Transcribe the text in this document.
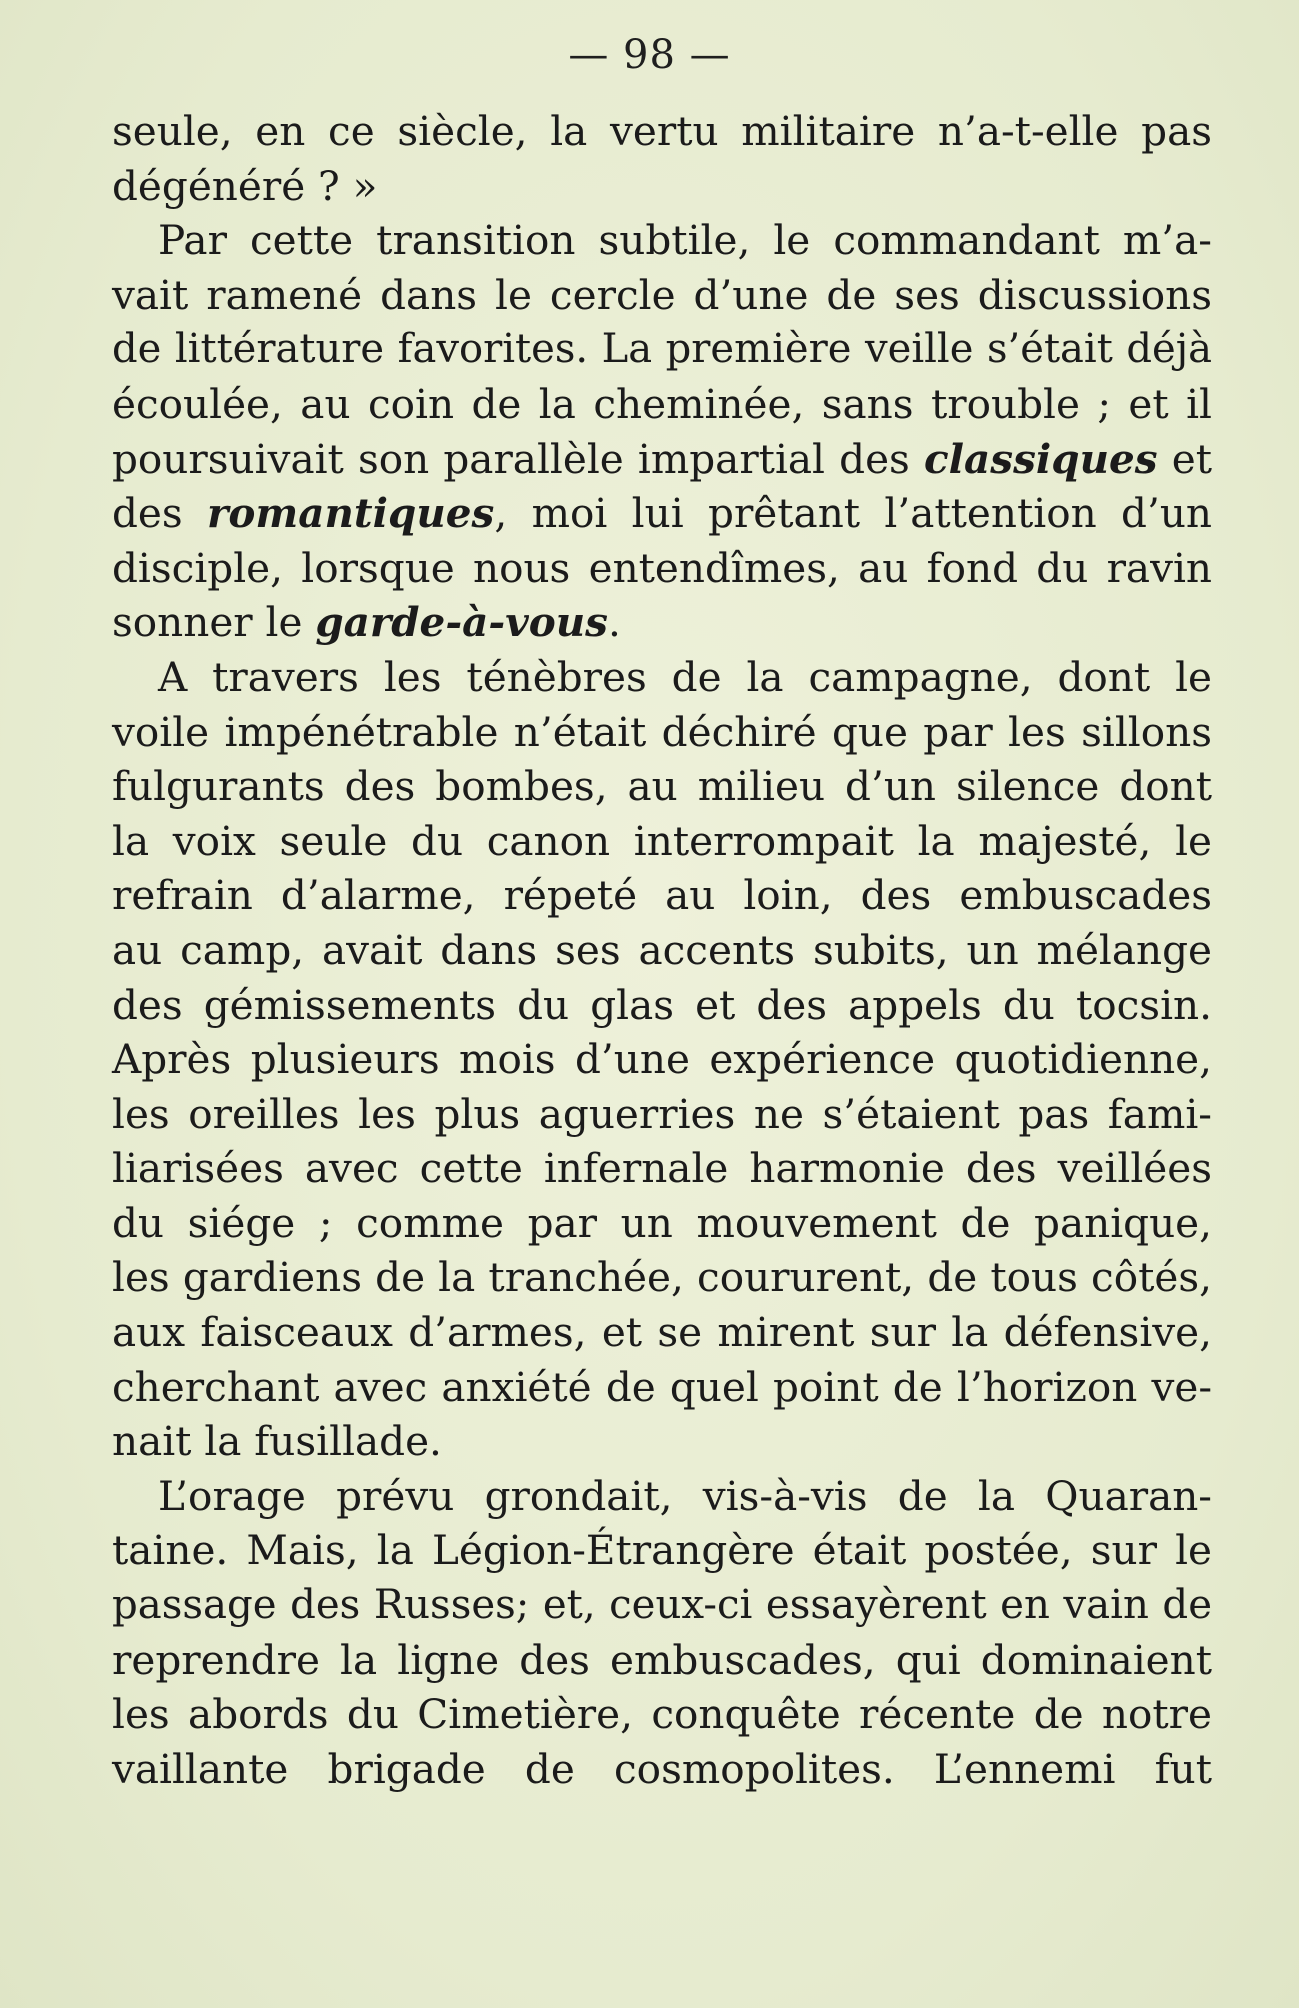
— 98 —
seule, en ce siècle, la vertu militaire n’a-t-elle pas
dégénéré ? »
Par cette transition subtile, le commandant m’a-
vait ramené dans le cercle d’une de ses discussions
de littérature favorites. La première veille s’était déjà
écoulée, au coin de la cheminée, sans trouble ; et il
poursuivait son parallèle impartial des classiques et
des romantiques, moi lui prêtant l’attention d’un
disciple, lorsque nous entendîmes, au fond du ravin
sonner le garde-à-vous.
A travers les ténèbres de la campagne, dont le
voile impénétrable n’était déchiré que par les sillons
fulgurants des bombes, au milieu d’un silence dont
la voix seule du canon interrompait la majesté, le
refrain d’alarme, répeté au loin, des embuscades
au camp, avait dans ses accents subits, un mélange
des gémissements du glas et des appels du tocsin.
Après plusieurs mois d’une expérience quotidienne,
les oreilles les plus aguerries ne s’étaient pas fami-
liarisées avec cette infernale harmonie des veillées
du siége ; comme par un mouvement de panique,
les gardiens de la tranchée, coururent, de tous côtés,
aux faisceaux d’armes, et se mirent sur la défensive,
cherchant avec anxiété de quel point de l’horizon ve-
nait la fusillade.
L’orage prévu grondait, vis-à-vis de la Quaran-
taine. Mais, la Légion-Étrangère était postée, sur le
passage des Russes; et, ceux-ci essayèrent en vain de
reprendre la ligne des embuscades, qui dominaient
les abords du Cimetière, conquête récente de notre
vaillante brigade de cosmopolites. L’ennemi fut
